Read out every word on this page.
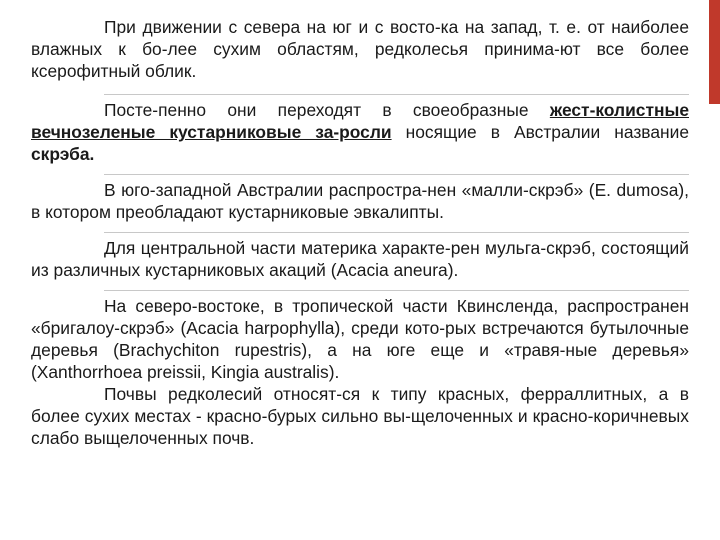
При движении с севера на юг и с восто-ка на запад, т. е. от наиболее влажных к бо-лее сухим областям, редколесья принима-ют все более ксерофитный облик.

Посте-пенно они переходят в своеобразные жест-колистные вечнозеленые кустарниковые за-росли носящие в Австралии название скрэба.

В юго-западной Австралии распростра-нен «малли-скрэб» (E. dumosa), в котором преобладают кустарниковые эвкалипты.

Для центральной части материка характе-рен мульга-скрэб, состоящий из различных кустарниковых акаций (Acacia aneura).

На северо-востоке, в тропической части Квинсленда, распространен «бригалоу-скрэб» (Acacia harpophylla), среди кото-рых встречаются бутылочные деревья (Brachychiton rupestris), а на юге еще и «травя-ные деревья» (Xanthorrhoea preissii, Kingia australis).

Почвы редколесий относят-ся к типу красных, ферраллитных, а в более сухих местах - красно-бурых сильно вы-щелоченных и красно-коричневых слабо выщелоченных почв.
